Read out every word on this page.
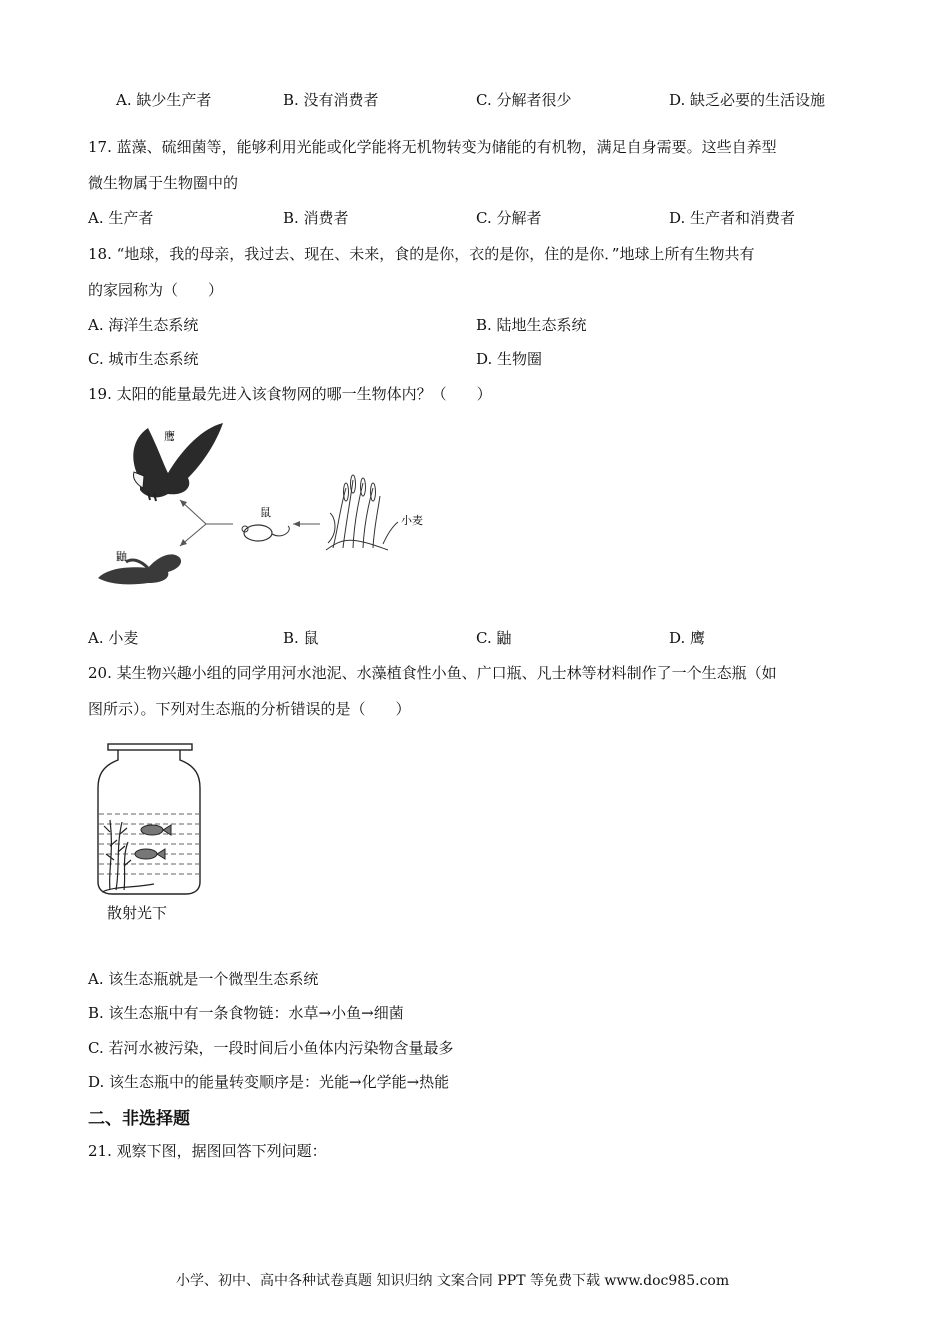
A. 缺少生产者	B. 没有消费者	C. 分解者很少	D. 缺乏必要的生活设施
17. 蓝藻、硫细菌等，能够利用光能或化学能将无机物转变为储能的有机物，满足自身需要。这些自养型
微生物属于生物圈中的
A. 生产者	B. 消费者	C. 分解者	D. 生产者和消费者
18. “地球，我的母亲，我过去、现在、未来，食的是你，衣的是你，住的是你．”地球上所有生物共有
的家园称为（　　）
A. 海洋生态系统	B. 陆地生态系统
C. 城市生态系统	D. 生物圈
19. 太阳的能量最先进入该食物网的哪一生物体内？（　　）
鹰
鼠
小麦
鼬
A. 小麦	B. 鼠	C. 鼬	D. 鹰
20. 某生物兴趣小组的同学用河水池泥、水藻植食性小鱼、广口瓶、凡士林等材料制作了一个生态瓶（如
图所示）。下列对生态瓶的分析错误的是（　　）
散射光下
A. 该生态瓶就是一个微型生态系统
B. 该生态瓶中有一条食物链：水草→小鱼→细菌
C. 若河水被污染，一段时间后小鱼体内污染物含量最多
D. 该生态瓶中的能量转变顺序是：光能→化学能→热能
二、非选择题
21. 观察下图，据图回答下列问题：
小学、初中、高中各种试卷真题 知识归纳 文案合同 PPT 等免费下载 www.doc985.com
